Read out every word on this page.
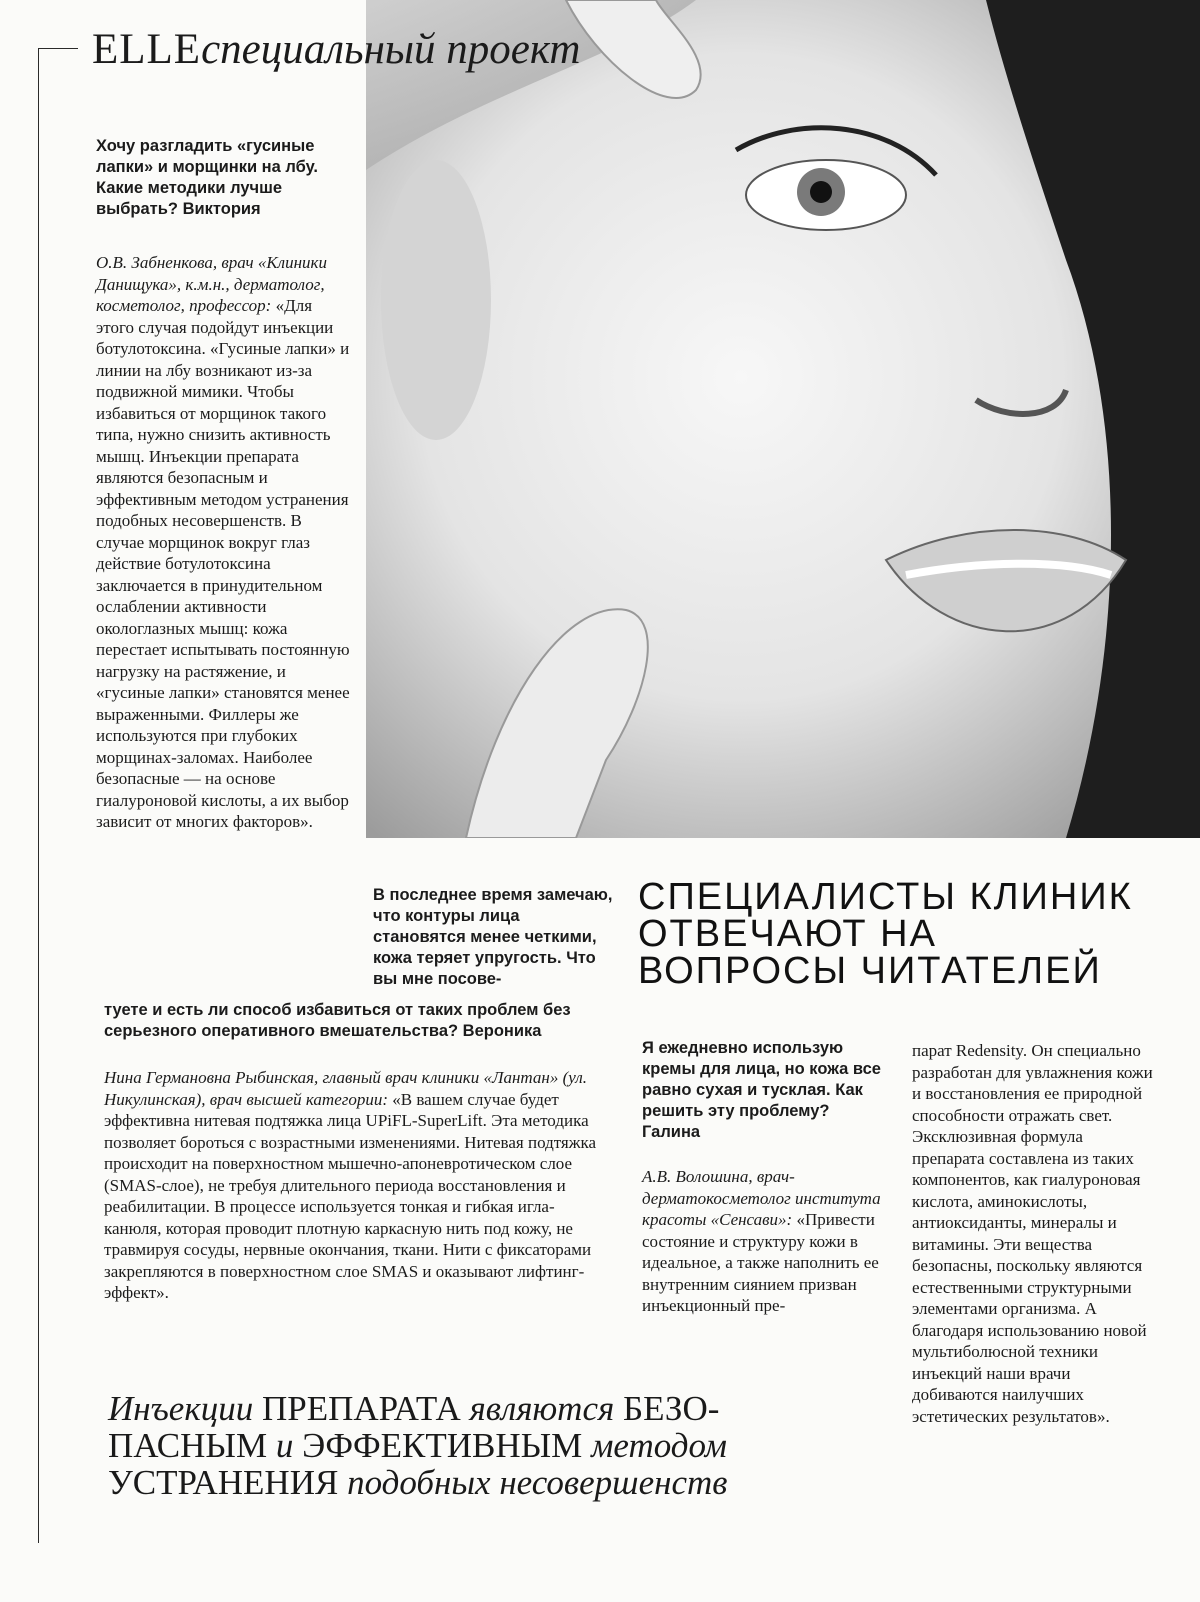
ELLEспециальный проект

Хочу разгладить «гусиные лапки» и морщинки на лбу. Какие методики лучше выбрать? Виктория

О.В. Забненкова, врач «Клиники Данищука», к.м.н., дерматолог, косметолог, профессор: «Для этого случая подойдут инъекции ботулотоксина. «Гусиные лапки» и линии на лбу возникают из-за подвижной мимики. Чтобы избавиться от морщинок такого типа, нужно снизить активность мышц. Инъекции препарата являются безопасным и эффективным методом устранения подобных несовершенств. В случае морщинок вокруг глаз действие ботулотоксина заключается в принудительном ослаблении активности окологлазных мышц: кожа перестает испытывать постоянную нагрузку на растяжение, и «гусиные лапки» становятся менее выраженными. Филлеры же используются при глубоких морщинах-заломах. Наиболее безопасные — на основе гиалуроновой кислоты, а их выбор зависит от многих факторов».

В последнее время замечаю, что контуры лица становятся менее четкими, кожа теряет упругость. Что вы мне посове-

туете и есть ли способ избавиться от таких проблем без серьезного оперативного вмешательства? Вероника

Нина Германовна Рыбинская, главный врач клиники «Лантан» (ул. Никулинская), врач высшей категории: «В вашем случае будет эффективна нитевая подтяжка лица UPiFL-SuperLift. Эта методика позволяет бороться с возрастными изменениями. Нитевая подтяжка происходит на поверхностном мышечно-апоневротическом слое (SMAS-слое), не требуя длительного периода восстановления и реабилитации. В процессе используется тонкая и гибкая игла-канюля, которая проводит плотную каркасную нить под кожу, не травмируя сосуды, нервные окончания, ткани. Нити с фиксаторами закрепляются в поверхностном слое SMAS и оказывают лифтинг-эффект».

СПЕЦИАЛИСТЫ КЛИНИК ОТВЕЧАЮТ НА ВОПРОСЫ ЧИТАТЕЛЕЙ

Я ежедневно использую кремы для лица, но кожа все равно сухая и тусклая. Как решить эту проблему? Галина

А.В. Волошина, врач-дерматокосметолог института красоты «Сенсави»: «Привести состояние и структуру кожи в идеальное, а также наполнить ее внутренним сиянием призван инъекционный пре-

парат Redensity. Он специально разработан для увлажнения кожи и восстановления ее природной способности отражать свет. Эксклюзивная формула препарата составлена из таких компонентов, как гиалуроновая кислота, аминокислоты, антиоксиданты, минералы и витамины. Эти вещества безопасны, поскольку являются естественными структурными элементами организма. А благодаря использованию новой мультиболюсной техники инъекций наши врачи добиваются наилучших эстетических результатов».

Инъекции ПРЕПАРАТА являются БЕЗО-
ПАСНЫМ и ЭФФЕКТИВНЫМ методом
УСТРАНЕНИЯ подобных несовершенств
